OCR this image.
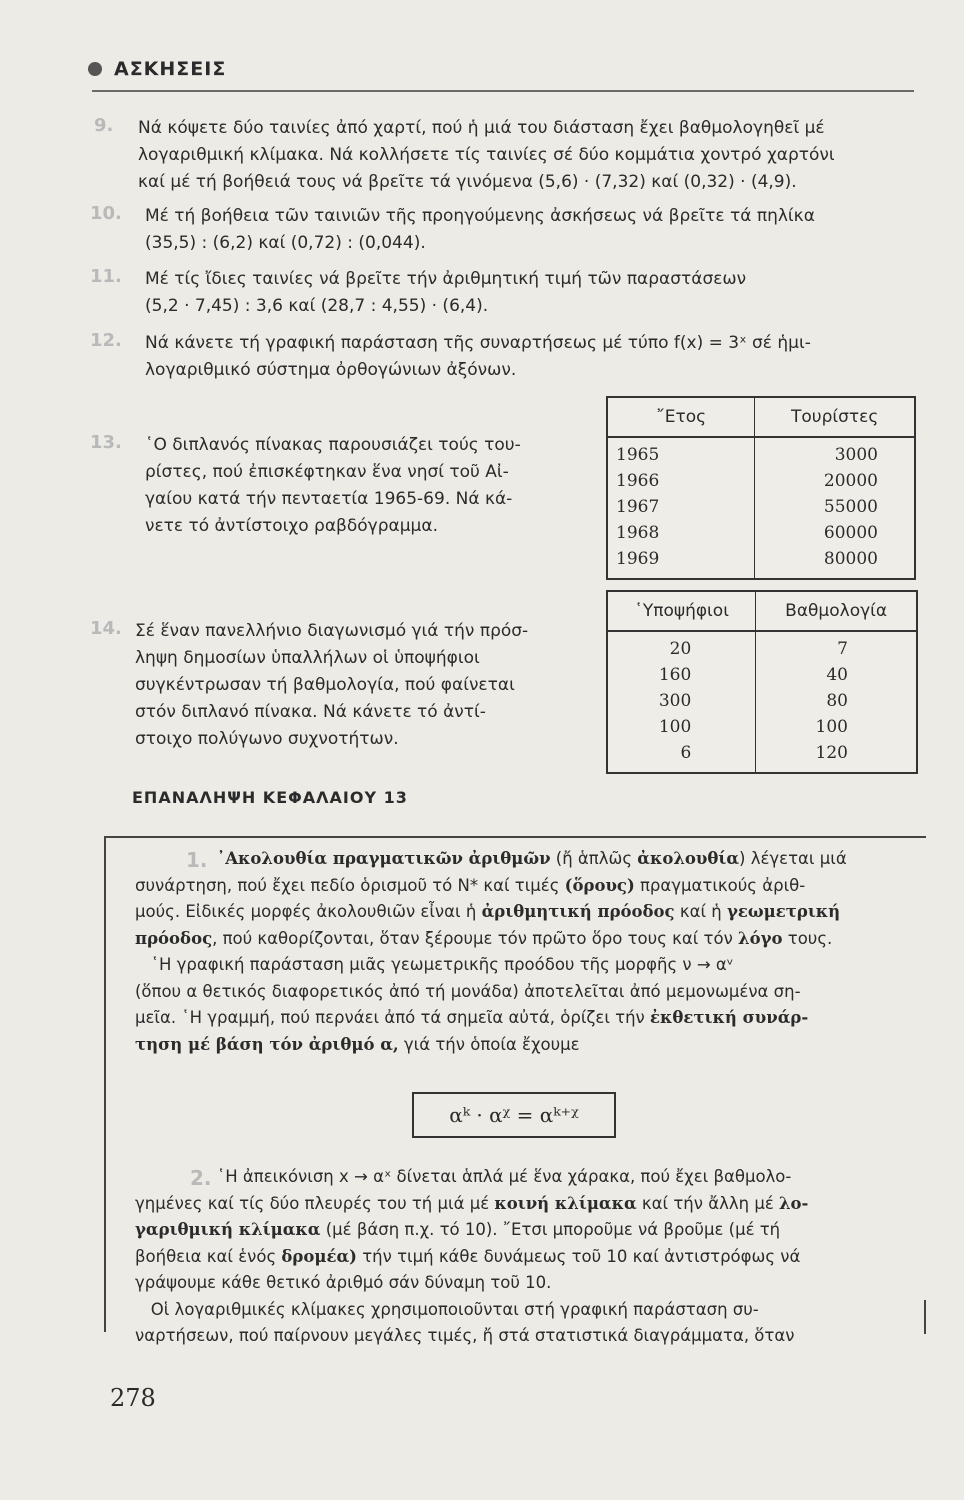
ΑΣΚΗΣΕΙΣ
9. Νά κόψετε δύο ταινίες ἀπό χαρτί, πού ἡ μιά του διάσταση ἔχει βαθμολογηθεῖ μέ
λογαριθμική κλίμακα. Νά κολλήσετε τίς ταινίες σέ δύο κομμάτια χοντρό χαρτόνι
καί μέ τή βοήθειά τους νά βρεῖτε τά γινόμενα (5,6) · (7,32) καί (0,32) · (4,9).
10. Μέ τή βοήθεια τῶν ταινιῶν τῆς προηγούμενης ἀσκήσεως νά βρεῖτε τά πηλίκα
(35,5) : (6,2) καί (0,72) : (0,044).
11. Μέ τίς ἴδιες ταινίες νά βρεῖτε τήν ἀριθμητική τιμή τῶν παραστάσεων
(5,2 · 7,45) : 3,6 καί (28,7 : 4,55) · (6,4).
12. Νά κάνετε τή γραφική παράσταση τῆς συναρτήσεως μέ τύπο f(x) = 3ˣ σέ ἡμι-
λογαριθμικό σύστημα ὀρθογώνιων ἀξόνων.
13. ῾Ο διπλανός πίνακας παρουσιάζει τούς του-
ρίστες, πού ἐπισκέφτηκαν ἕνα νησί τοῦ Αἰ-
γαίου κατά τήν πενταετία 1965-69. Νά κά-
νετε τό ἀντίστοιχο ραβδόγραμμα.
14. Σέ ἕναν πανελλήνιο διαγωνισμό γιά τήν πρόσ-
ληψη δημοσίων ὑπαλλήλων οἱ ὑποψήφιοι
συγκέντρωσαν τή βαθμολογία, πού φαίνεται
στόν διπλανό πίνακα. Νά κάνετε τό ἀντί-
στοιχο πολύγωνο συχνοτήτων.
῎Ετος	Τουρίστες
1965	3000
1966	20000
1967	55000
1968	60000
1969	80000
῾Υποψήφιοι	Βαθμολογία
20	7
160	40
300	80
100	100
6	120
ΕΠΑΝΑΛΗΨΗ ΚΕΦΑΛΑΙΟΥ 13
1. ᾿Ακολουθία πραγματικῶν ἀριθμῶν (ἤ ἁπλῶς ἀκολουθία) λέγεται μιά
συνάρτηση, πού ἔχει πεδίο ὁρισμοῦ τό N* καί τιμές (ὅρους) πραγματικούς ἀριθ-
μούς. Εἰδικές μορφές ἀκολουθιῶν εἶναι ἡ ἀριθμητική πρόοδος καί ἡ γεωμετρική
πρόοδος, πού καθορίζονται, ὅταν ξέρουμε τόν πρῶτο ὅρο τους καί τόν λόγο τους.
῾Η γραφική παράσταση μιᾶς γεωμετρικῆς προόδου τῆς μορφῆς ν → αᵛ
(ὅπου α θετικός διαφορετικός ἀπό τή μονάδα) ἀποτελεῖται ἀπό μεμονωμένα ση-
μεῖα. ῾Η γραμμή, πού περνάει ἀπό τά σημεῖα αὐτά, ὁρίζει τήν ἐκθετική συνάρ-
τηση μέ βάση τόν ἀριθμό α, γιά τήν ὁποία ἔχουμε
αᵏ · αᵡ = αᵏ⁺ᵡ
2. ῾Η ἀπεικόνιση x → αˣ δίνεται ἁπλά μέ ἕνα χάρακα, πού ἔχει βαθμολο-
γημένες καί τίς δύο πλευρές του τή μιά μέ κοινή κλίμακα καί τήν ἄλλη μέ λο-
γαριθμική κλίμακα (μέ βάση π.χ. τό 10). ῎Ετσι μποροῦμε νά βροῦμε (μέ τή
βοήθεια καί ἑνός δρομέα) τήν τιμή κάθε δυνάμεως τοῦ 10 καί ἀντιστρόφως νά
γράψουμε κάθε θετικό ἀριθμό σάν δύναμη τοῦ 10.
Οἱ λογαριθμικές κλίμακες χρησιμοποιοῦνται στή γραφική παράσταση συ-
ναρτήσεων, πού παίρνουν μεγάλες τιμές, ἤ στά στατιστικά διαγράμματα, ὅταν
278
